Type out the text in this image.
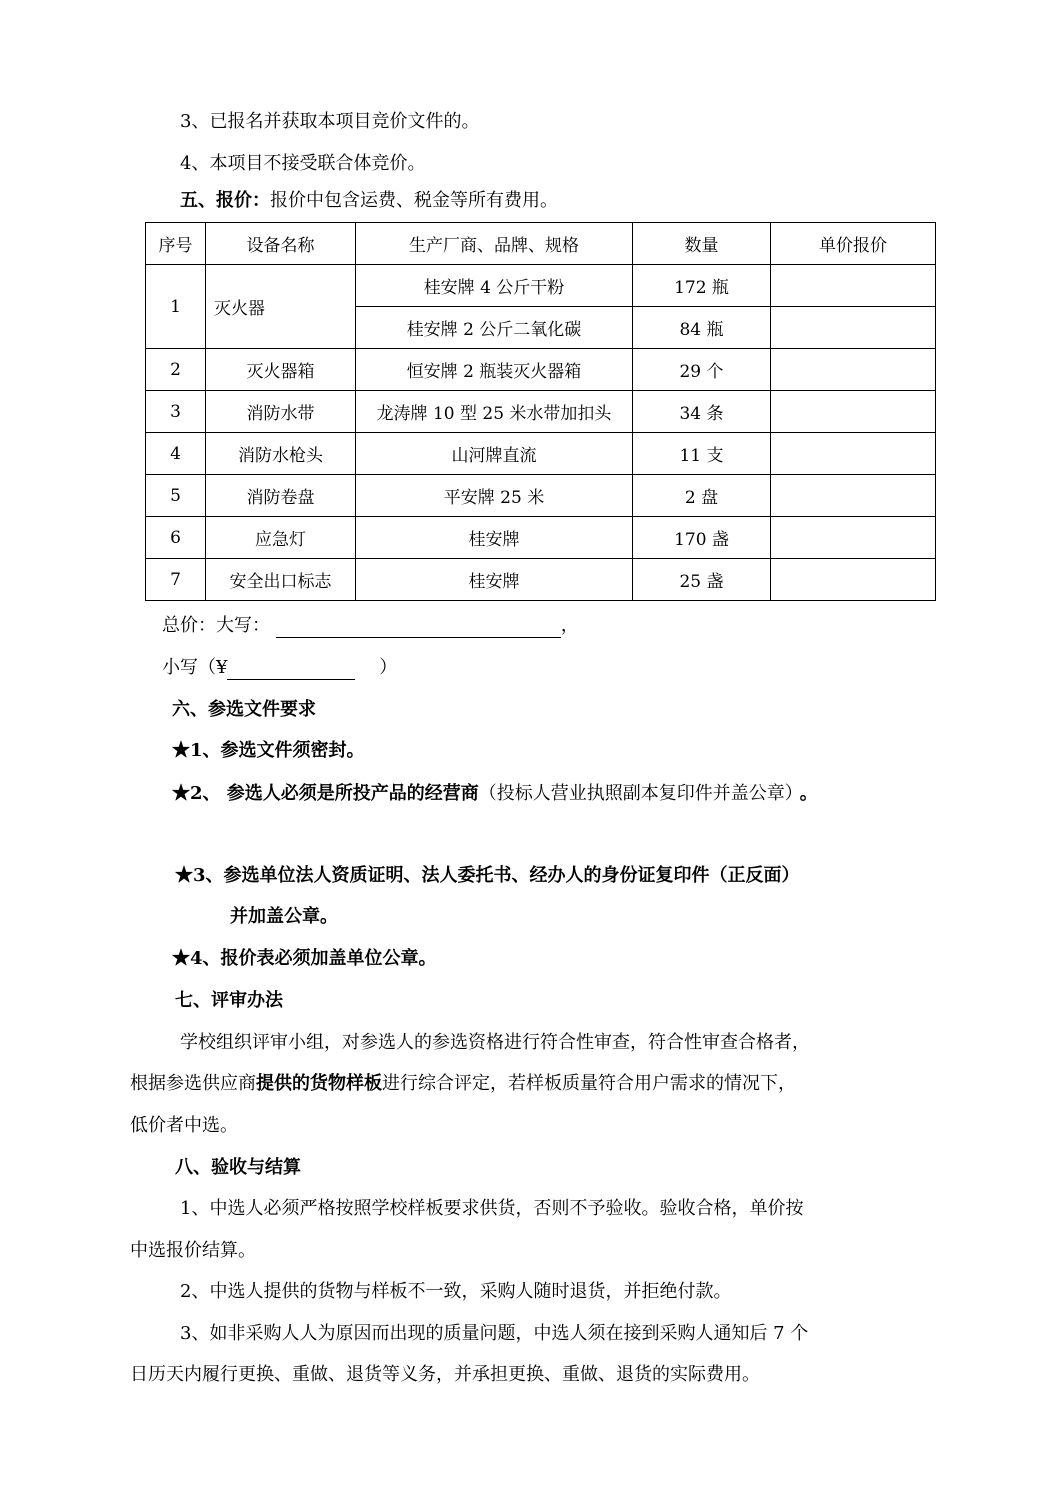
3、已报名并获取本项目竞价文件的。
4、本项目不接受联合体竞价。
五、报价：报价中包含运费、税金等所有费用。
序号	设备名称	生产厂商、品牌、规格	数量	单价报价
1	灭火器	桂安牌 4 公斤干粉	172 瓶	
		桂安牌 2 公斤二氧化碳	84 瓶	
2	灭火器箱	恒安牌 2 瓶装灭火器箱	29 个	
3	消防水带	龙涛牌 10 型 25 米水带加扣头	34 条	
4	消防水枪头	山河牌直流	11 支	
5	消防卷盘	平安牌 25 米	2 盘	
6	应急灯	桂安牌	170 盏	
7	安全出口标志	桂安牌	25 盏	
总价：大写：	，
小写（¥	）
六、参选文件要求
★1、参选文件须密封。
★2、 参选人必须是所投产品的经营商（投标人营业执照副本复印件并盖公章） 。
★3、参选单位法人资质证明、法人委托书、经办人的身份证复印件（正反面）
并加盖公章。
★4、报价表必须加盖单位公章。
七、评审办法
学校组织评审小组，对参选人的参选资格进行符合性审查，符合性审查合格者，
根据参选供应商提供的货物样板进行综合评定，若样板质量符合用户需求的情况下，
低价者中选。
八、验收与结算
1、中选人必须严格按照学校样板要求供货，否则不予验收。验收合格，单价按
中选报价结算。
2、中选人提供的货物与样板不一致，采购人随时退货，并拒绝付款。
3、如非采购人人为原因而出现的质量问题，中选人须在接到采购人通知后 7 个
日历天内履行更换、重做、退货等义务，并承担更换、重做、退货的实际费用。
